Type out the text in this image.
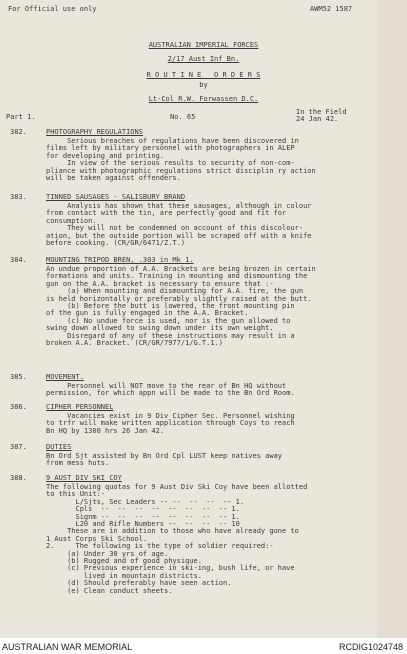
For Official use only	AWM52 1587
AUSTRALIAN IMPERIAL FORCES
2/17 Aust Inf Bn.
R O U T I N E   O R D E R S
by
Lt-Col R.W. Forwassen D.C.
Part 1.	No. 65
In the Field
24 Jan 42.
382.	PHOTOGRAPHY REGULATIONS
Serious breaches of regulations have been discovered in
films left by military personnel with photographers in ALEP
for developing and printing.
In view of the serious results to security of non-com-
pliance with photographic regulations strict disciplin ry action
will be taken against offenders.
383.	TINNED SAUSAGES - SALISBURY BRAND
Analysis has shown that these sausages, although in colour
from contact with the tin, are perfectly good and fit for
consumption.
They will not be condemned on account of this discolour-
ation, but the outside portion will be scraped off with a knife
before cooking. (CR/GR/6471/Z.T.)
384.	MOUNTING TRIPOD BREN, .303 in Mk 1.
An undue proportion of A.A. Brackets are being brozen in certain
formations and units. Training in mounting and dismounting the
gun on the A.A. bracket is necessary to ensure that :-
(a) When mounting and dismounting for A.A. fire, the gun
is held horizontally or preferably slightly raised at the butt.
(b) Before the butt is lowered, the front mounting pin
of the gun is fully engaged in the A.A. Bracket.
(c) No undue force is used, nor is the gun allowed to
swing down allowed to swing down under its own weight.
Disregard of any of these instructions may result in a
broken A.A. Bracket. (CR/GR/7977/1/G.T.1.)
385.	MOVEMENT.
Personnel will NOT move to the rear of Bn HQ without
permission, for which appn will be made to the Bn Ord Room.
386.	CIPHER PERSONNEL
Vacancies exist in 9 Div Cipher Sec. Personnel wishing
to trfr will make written application through Coys to reach
Bn HQ by 1300 hrs 26 Jan 42.
387.	DUTIES
Bn Ord Sjt assisted by Bn Ord Cpl LUST keep natives away
from mess huts.
388.	9 AUST DIV SKI COY
The following quotas for 9 Aust Div Ski Coy have been allotted
to this Unit:-
L/Sjts, Sec Leaders -- --  --  --  -- 1.
Cpls  --  --  --  --  --  --  --  -- 1.
Signm --  --  --  --  --  --  --  -- 1.
L20 and Rifle Numbers --  --  --  -- 10
These are in addition to those who have already gone to
1 Aust Corps Ski School.
2.     The following is the type of soldier required:-
(a) Under 30 yrs of age.
(b) Rugged and of good physique.
(c) Previous experience in ski-ing, bush life, or have
lived in mountain districts.
(d) Should preferably have seen action.
(e) Clean conduct sheets.
AUSTRALIAN WAR MEMORIAL	RCDIG1024748
